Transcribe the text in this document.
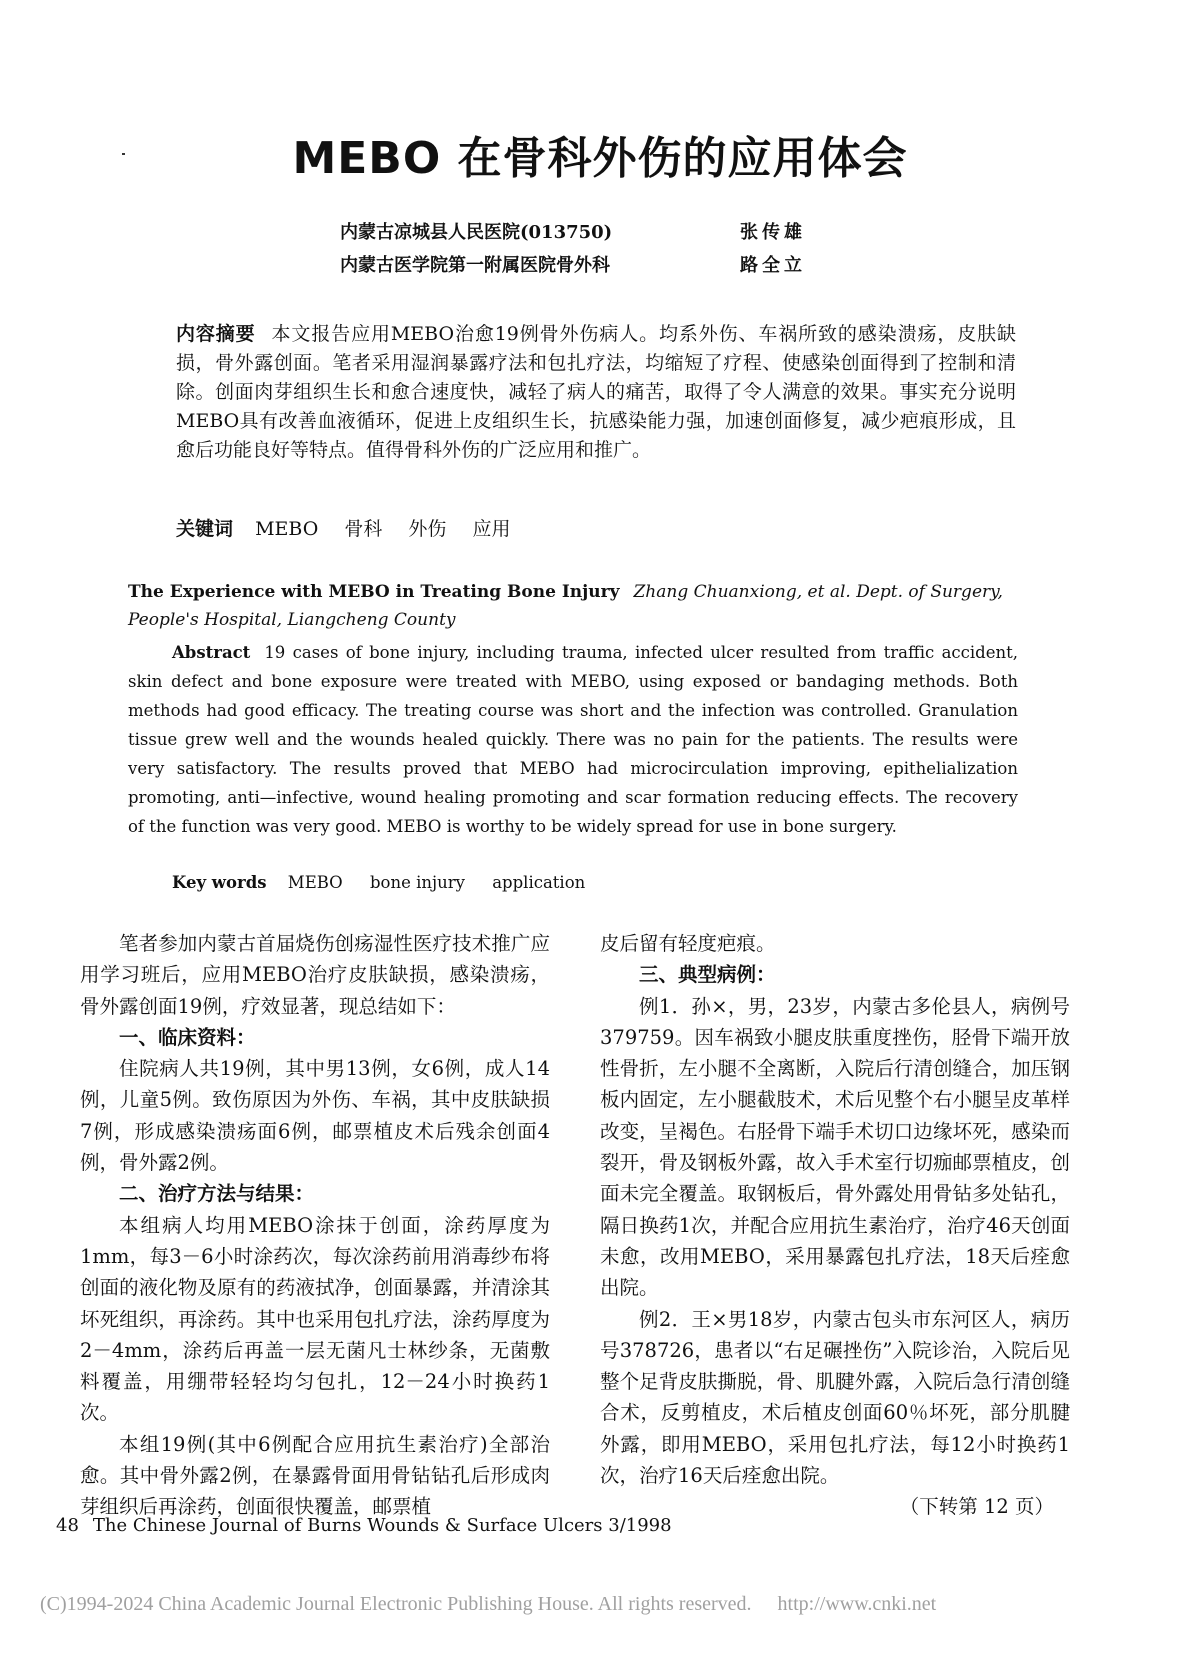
MEBO 在骨科外伤的应用体会
内蒙古凉城县人民医院(013750)	张传雄
内蒙古医学院第一附属医院骨外科	路全立

内容摘要 本文报告应用MEBO治愈19例骨外伤病人。均系外伤、车祸所致的感染溃疡，皮肤缺损，骨外露创面。笔者采用湿润暴露疗法和包扎疗法，均缩短了疗程、使感染创面得到了控制和清除。创面肉芽组织生长和愈合速度快，减轻了病人的痛苦，取得了令人满意的效果。事实充分说明MEBO具有改善血液循环，促进上皮组织生长，抗感染能力强，加速创面修复，减少疤痕形成，且愈后功能良好等特点。值得骨科外伤的广泛应用和推广。

关键词 MEBO 骨科 外伤 应用

The Experience with MEBO in Treating Bone Injury Zhang Chuanxiong, et al. Dept. of Surgery, People's Hospital, Liangcheng County

Abstract 19 cases of bone injury, including trauma, infected ulcer resulted from traffic accident, skin defect and bone exposure were treated with MEBO, using exposed or bandaging methods. Both methods had good efficacy. The treating course was short and the infection was controlled. Granulation tissue grew well and the wounds healed quickly. There was no pain for the patients. The results were very satisfactory. The results proved that MEBO had microcirculation improving, epithelialization promoting, anti—infective, wound healing promoting and scar formation reducing effects. The recovery of the function was very good. MEBO is worthy to be widely spread for use in bone surgery.

Key words MEBO bone injury application

笔者参加内蒙古首届烧伤创疡湿性医疗技术推广应用学习班后，应用MEBO治疗皮肤缺损，感染溃疡，骨外露创面19例，疗效显著，现总结如下：

一、临床资料：

住院病人共19例，其中男13例，女6例，成人14例，儿童5例。致伤原因为外伤、车祸，其中皮肤缺损7例，形成感染溃疡面6例，邮票植皮术后残余创面4例，骨外露2例。

二、治疗方法与结果：

本组病人均用MEBO涂抹于创面，涂药厚度为1mm，每3－6小时涂药次，每次涂药前用消毒纱布将创面的液化物及原有的药液拭净，创面暴露，并清涂其坏死组织，再涂药。其中也采用包扎疗法，涂药厚度为2－4mm，涂药后再盖一层无菌凡士林纱条，无菌敷料覆盖，用绷带轻轻均匀包扎，12－24小时换药1次。

本组19例(其中6例配合应用抗生素治疗)全部治愈。其中骨外露2例，在暴露骨面用骨钻钻孔后形成肉芽组织后再涂药，创面很快覆盖，邮票植

皮后留有轻度疤痕。

三、典型病例：

例1．孙×，男，23岁，内蒙古多伦县人，病例号379759。因车祸致小腿皮肤重度挫伤，胫骨下端开放性骨折，左小腿不全离断，入院后行清创缝合，加压钢板内固定，左小腿截肢术，术后见整个右小腿呈皮革样改变，呈褐色。右胫骨下端手术切口边缘坏死，感染而裂开，骨及钢板外露，故入手术室行切痂邮票植皮，创面未完全覆盖。取钢板后，骨外露处用骨钻多处钻孔，隔日换药1次，并配合应用抗生素治疗，治疗46天创面未愈，改用MEBO，采用暴露包扎疗法，18天后痊愈出院。

例2．王×男18岁，内蒙古包头市东河区人，病历号378726，患者以“右足碾挫伤”入院诊治，入院后见整个足背皮肤撕脱，骨、肌腱外露，入院后急行清创缝合术，反剪植皮，术后植皮创面60％坏死，部分肌腱外露，即用MEBO，采用包扎疗法，每12小时换药1次，治疗16天后痊愈出院。

（下转第 12 页）

48 The Chinese Journal of Burns Wounds & Surface Ulcers 3/1998
(C)1994-2024 China Academic Journal Electronic Publishing House. All rights reserved. http://www.cnki.net
